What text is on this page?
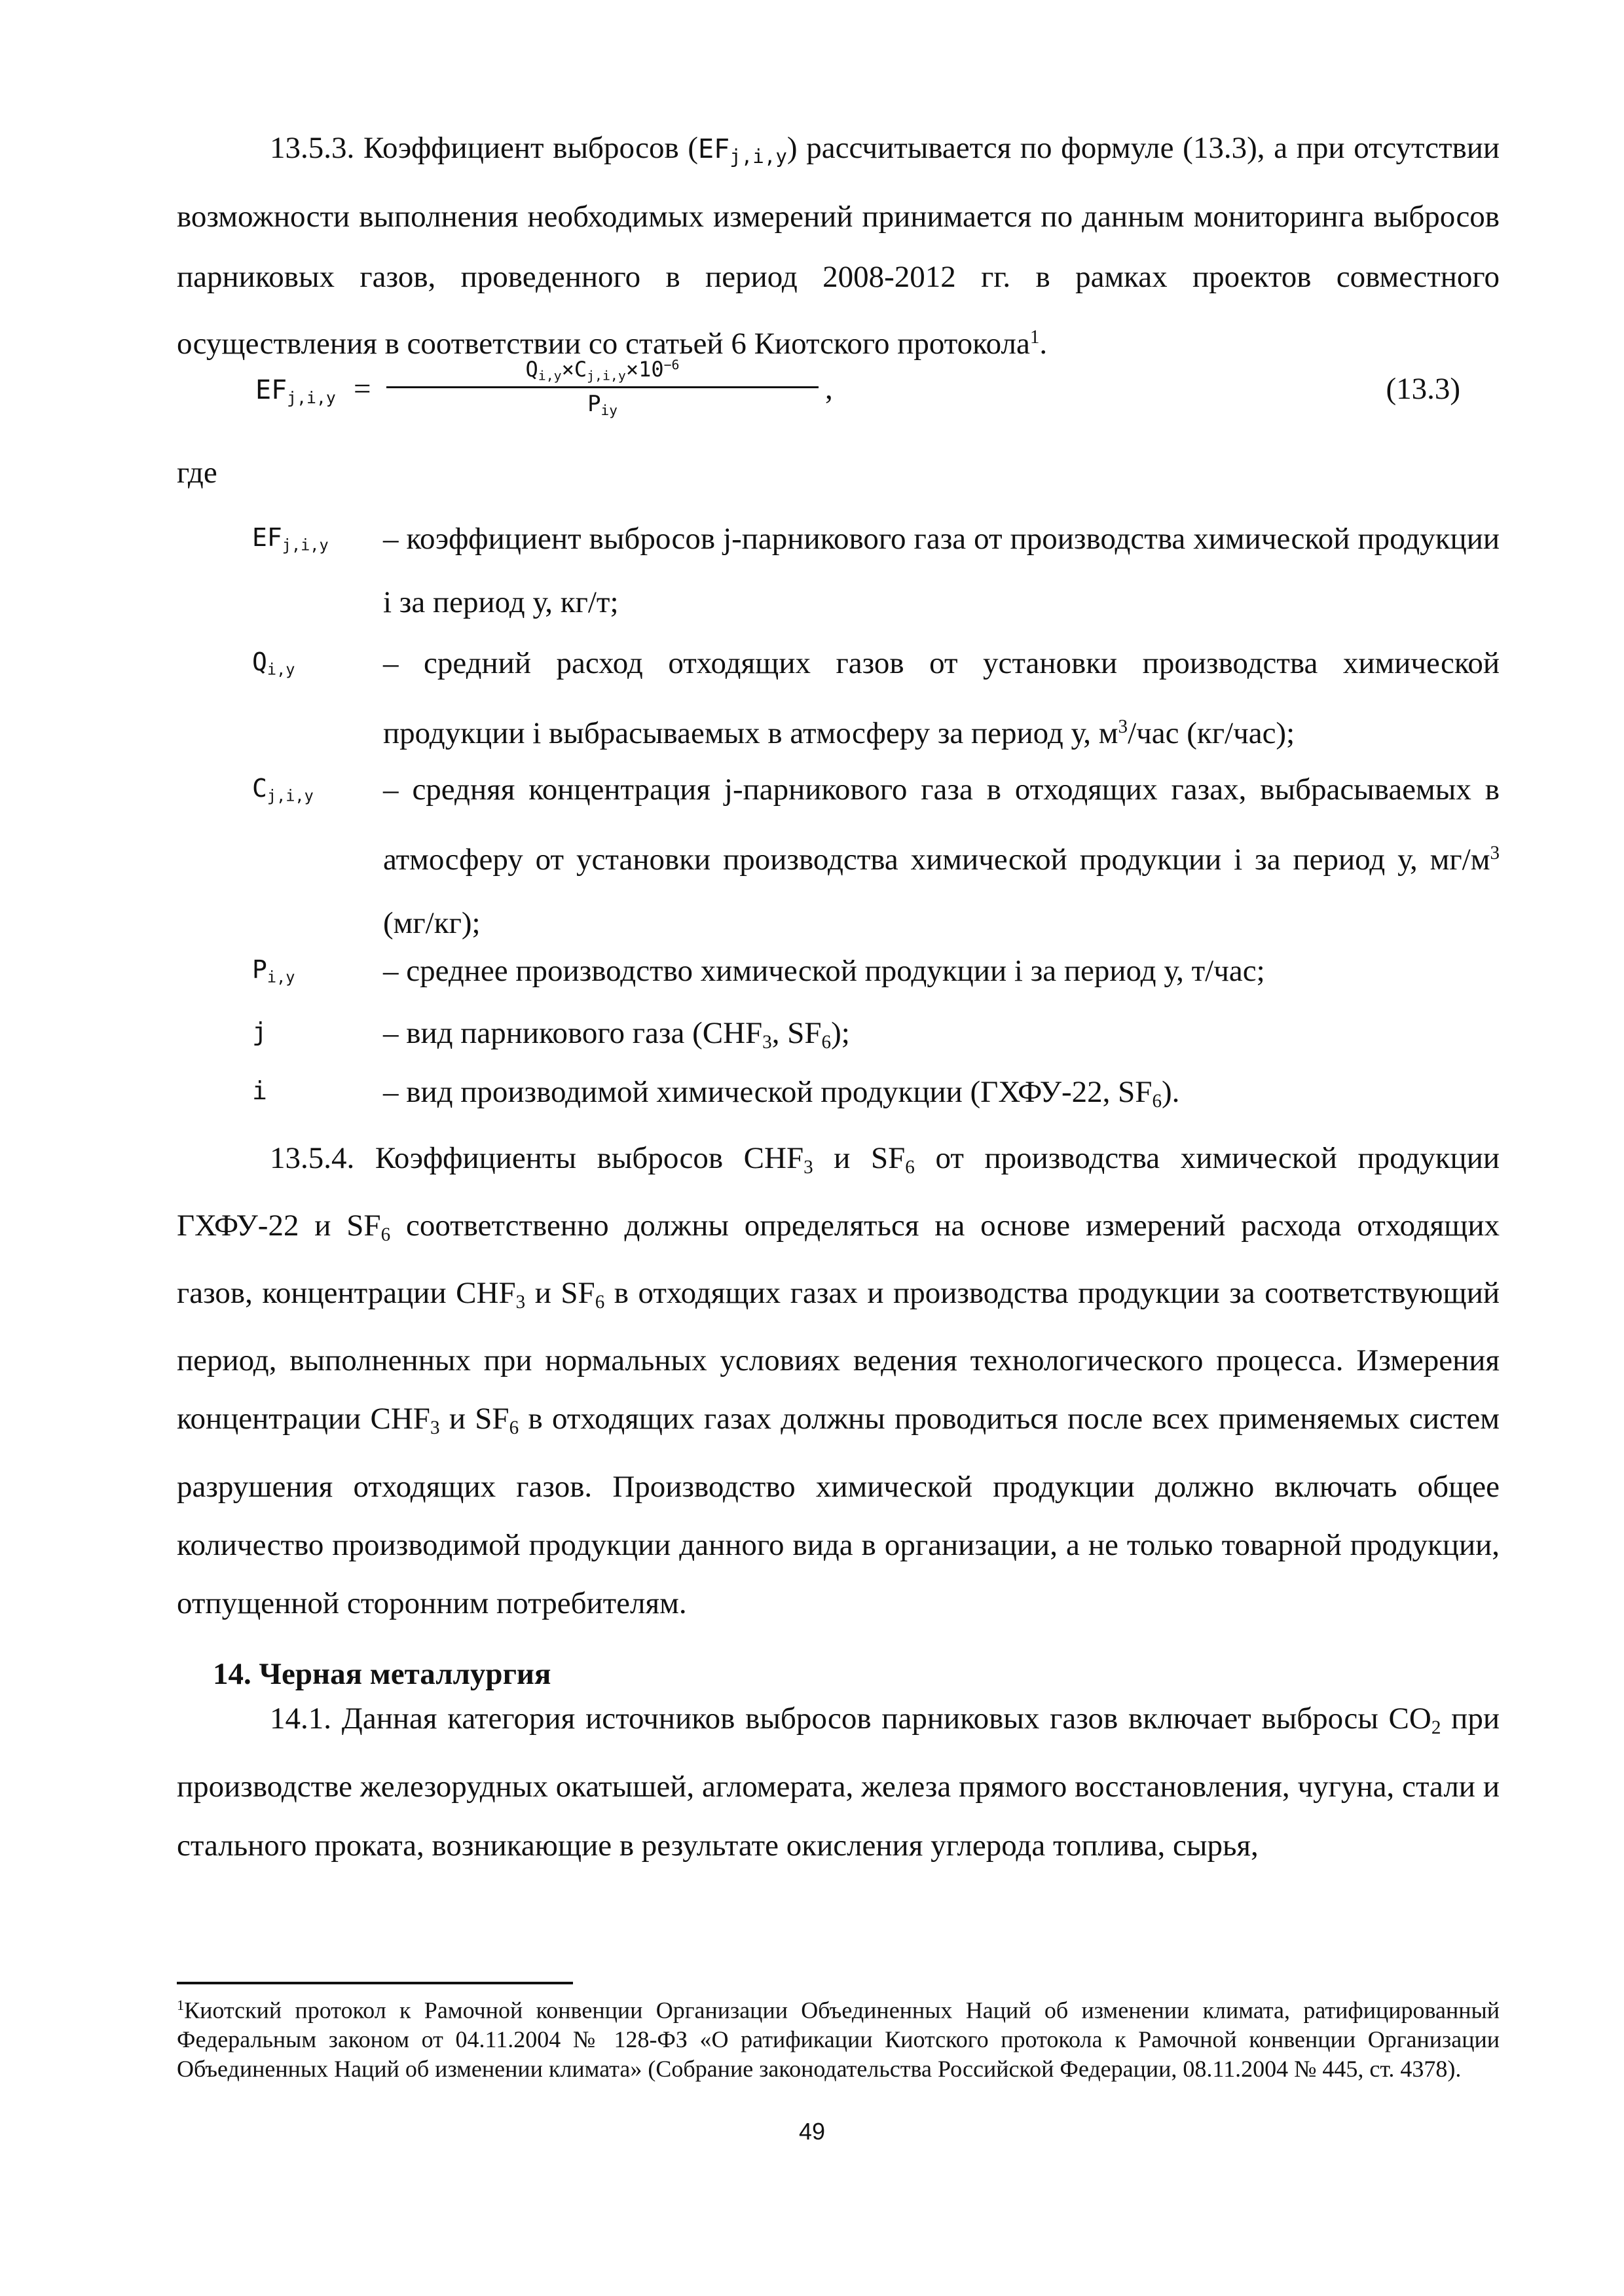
13.5.3. Коэффициент выбросов $(EF_{j,i,y})$ рассчитывается по формуле (13.3), а при отсутствии возможности выполнения необходимых измерений принимается по данным мониторинга выбросов парниковых газов, проведенного в период 2008-2012 гг. в рамках проектов совместного осуществления в соответствии со статьей 6 Киотского протокола$^1$.
$EF_{j,i,y}$ =
$Q_{i,y}\times C_{j,i,y}\times 10^{-6}$
$P_{iy}$
,	(13.3)
где
$EF_{j,i,y}$ – коэффициент выбросов j-парникового газа от производства химической продукции i за период у, кг/т;
$Q_{i,y}$	– средний расход отходящих газов от установки производства химической продукции i выбрасываемых в атмосферу за период у, $м^3$/час (кг/час);
$C_{j,i,y}$ – средняя концентрация j-парникового газа в отходящих газах, выбрасываемых в атмосферу от установки производства химической продукции i за период у, $мг/м^3$ (мг/кг);
$P_{i,y}$	– среднее производство химической продукции i за период у, т/час;
j	– вид парникового газа ($CHF_3$, $SF_6$);
i	– вид производимой химической продукции (ГХФУ-22, $SF_6$).
13.5.4. Коэффициенты выбросов $CHF_3$ и $SF_6$ от производства химической продукции ГХФУ-22 и $SF_6$ соответственно должны определяться на основе измерений расхода отходящих газов, концентрации $CHF_3$ и $SF_6$ в отходящих газах и производства продукции за соответствующий период, выполненных при нормальных условиях ведения технологического процесса. Измерения концентрации $CHF_3$ и $SF_6$ в отходящих газах должны проводиться после всех применяемых систем разрушения отходящих газов. Производство химической продукции должно включать общее количество производимой продукции данного вида в организации, а не только товарной продукции, отпущенной сторонним потребителям.
14. Черная металлургия
14.1. Данная категория источников выбросов парниковых газов включает выбросы $CO_2$ при производстве железорудных окатышей, агломерата, железа прямого восстановления, чугуна, стали и стального проката, возникающие в результате окисления углерода топлива, сырья,
$^1$Киотский протокол к Рамочной конвенции Организации Объединенных Наций об изменении климата, ратифицированный Федеральным законом от 04.11.2004 № 128-ФЗ «О ратификации Киотского протокола к Рамочной конвенции Организации Объединенных Наций об изменении климата» (Собрание законодательства Российской Федерации, 08.11.2004 № 445, ст. 4378).
49
